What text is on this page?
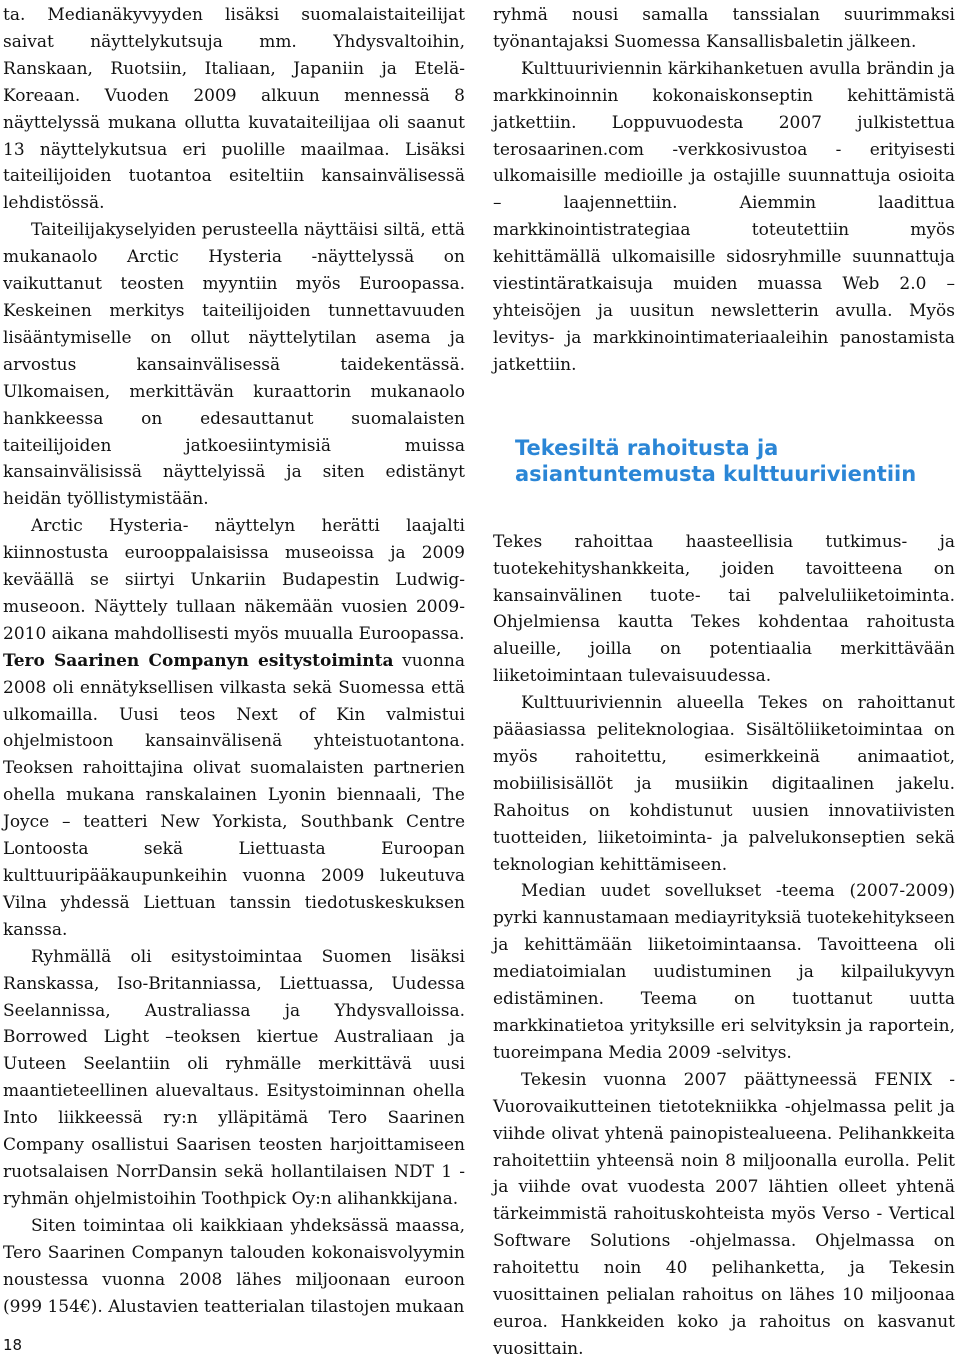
ta. Medianäkyvyyden lisäksi suomalaistaiteilijat saivat näyttelykutsuja mm. Yhdysvaltoihin, Ranskaan, Ruotsiin, Italiaan, Japaniin ja Etelä-Koreaan. Vuoden 2009 alkuun mennessä 8 näyttelyssä mukana ollutta kuvataiteilijaa oli saanut 13 näyttelykutsua eri puolille maailmaa. Lisäksi taiteilijoiden tuotantoa esiteltiin kansainvälisessä lehdistössä.

Taiteilijakyselyiden perusteella näyttäisi siltä, että mukanaolo Arctic Hysteria -näyttelyssä on vaikuttanut teosten myyntiin myös Euroopassa. Keskeinen merkitys taiteilijoiden tunnettavuuden lisääntymiselle on ollut näyttelytilan asema ja arvostus kansainvälisessä taidekentässä. Ulkomaisen, merkittävän kuraattorin mukanaolo hankkeessa on edesauttanut suomalaisten taiteilijoiden jatkoesiintymisiä muissa kansainvälisissä näyttelyissä ja siten edistänyt heidän työllistymistään.

Arctic Hysteria- näyttelyn herätti laajalti kiinnostusta eurooppalaisissa museoissa ja 2009 keväällä se siirtyi Unkariin Budapestin Ludwig-museoon. Näyttely tullaan näkemään vuosien 2009-2010 aikana mahdollisesti myös muualla Euroopassa.

Tero Saarinen Companyn esitystoiminta vuonna 2008 oli ennätyksellisen vilkasta sekä Suomessa että ulkomailla. Uusi teos Next of Kin valmistui ohjelmistoon kansainvälisenä yhteistuotantona. Teoksen rahoittajina olivat suomalaisten partnerien ohella mukana ranskalainen Lyonin biennaali, The Joyce – teatteri New Yorkista, Southbank Centre Lontoosta sekä Liettuasta Euroopan kulttuuripääkaupunkeihin vuonna 2009 lukeutuva Vilna yhdessä Liettuan tanssin tiedotuskeskuksen kanssa.

Ryhmällä oli esitystoimintaa Suomen lisäksi Ranskassa, Iso-Britanniassa, Liettuassa, Uudessa Seelannissa, Australiassa ja Yhdysvalloissa. Borrowed Light –teoksen kiertue Australiaan ja Uuteen Seelantiin oli ryhmälle merkittävä uusi maantieteellinen aluevaltaus. Esitystoiminnan ohella Into liikkeessä ry:n ylläpitämä Tero Saarinen Company osallistui Saarisen teosten harjoittamiseen ruotsalaisen NorrDansin sekä hollantilaisen NDT 1 -ryhmän ohjelmistoihin Toothpick Oy:n alihankkijana.

Siten toimintaa oli kaikkiaan yhdeksässä maassa, Tero Saarinen Companyn talouden kokonaisvolyymin noustessa vuonna 2008 lähes miljoonaan euroon (999 154€). Alustavien teatterialan tilastojen mukaan

ryhmä nousi samalla tanssialan suurimmaksi työnantajaksi Suomessa Kansallisbaletin jälkeen.

Kulttuuriviennin kärkihanketuen avulla brändin ja markkinoinnin kokonaiskonseptin kehittämistä jatkettiin. Loppuvuodesta 2007 julkistettua terosaarinen.com -verkkosivustoa - erityisesti ulkomaisille medioille ja ostajille suunnattuja osioita – laajennettiin. Aiemmin laadittua markkinointistrategiaa toteutettiin myös kehittämällä ulkomaisille sidosryhmille suunnattuja viestintäratkaisuja muiden muassa Web 2.0 –yhteisöjen ja uusitun newsletterin avulla. Myös levitys- ja markkinointimateriaaleihin panostamista jatkettiin.

Tekesiltä rahoitusta ja
asiantuntemusta kulttuurivientiin

Tekes rahoittaa haasteellisia tutkimus- ja tuotekehityshankkeita, joiden tavoitteena on kansainvälinen tuote- tai palveluliiketoiminta. Ohjelmiensa kautta Tekes kohdentaa rahoitusta alueille, joilla on potentiaalia merkittävään liiketoimintaan tulevaisuudessa.

Kulttuuriviennin alueella Tekes on rahoittanut pääasiassa peliteknologiaa. Sisältöliiketoimintaa on myös rahoitettu, esimerkkeinä animaatiot, mobiilisisällöt ja musiikin digitaalinen jakelu. Rahoitus on kohdistunut uusien innovatiivisten tuotteiden, liiketoiminta- ja palvelukonseptien sekä teknologian kehittämiseen.

Median uudet sovellukset -teema (2007-2009) pyrki kannustamaan mediayrityksiä tuotekehitykseen ja kehittämään liiketoimintaansa. Tavoitteena oli mediatoimialan uudistuminen ja kilpailukyvyn edistäminen. Teema on tuottanut uutta markkinatietoa yrityksille eri selvityksin ja raportein, tuoreimpana Media 2009 -selvitys.

Tekesin vuonna 2007 päättyneessä FENIX - Vuorovaikutteinen tietotekniikka -ohjelmassa pelit ja viihde olivat yhtenä painopistealueena. Pelihankkeita rahoitettiin yhteensä noin 8 miljoonalla eurolla. Pelit ja viihde ovat vuodesta 2007 lähtien olleet yhtenä tärkeimmistä rahoituskohteista myös Verso - Vertical Software Solutions -ohjelmassa. Ohjelmassa on rahoitettu noin 40 pelihanketta, ja Tekesin vuosittainen pelialan rahoitus on lähes 10 miljoonaa euroa. Hankkeiden koko ja rahoitus on kasvanut vuosittain.

18
